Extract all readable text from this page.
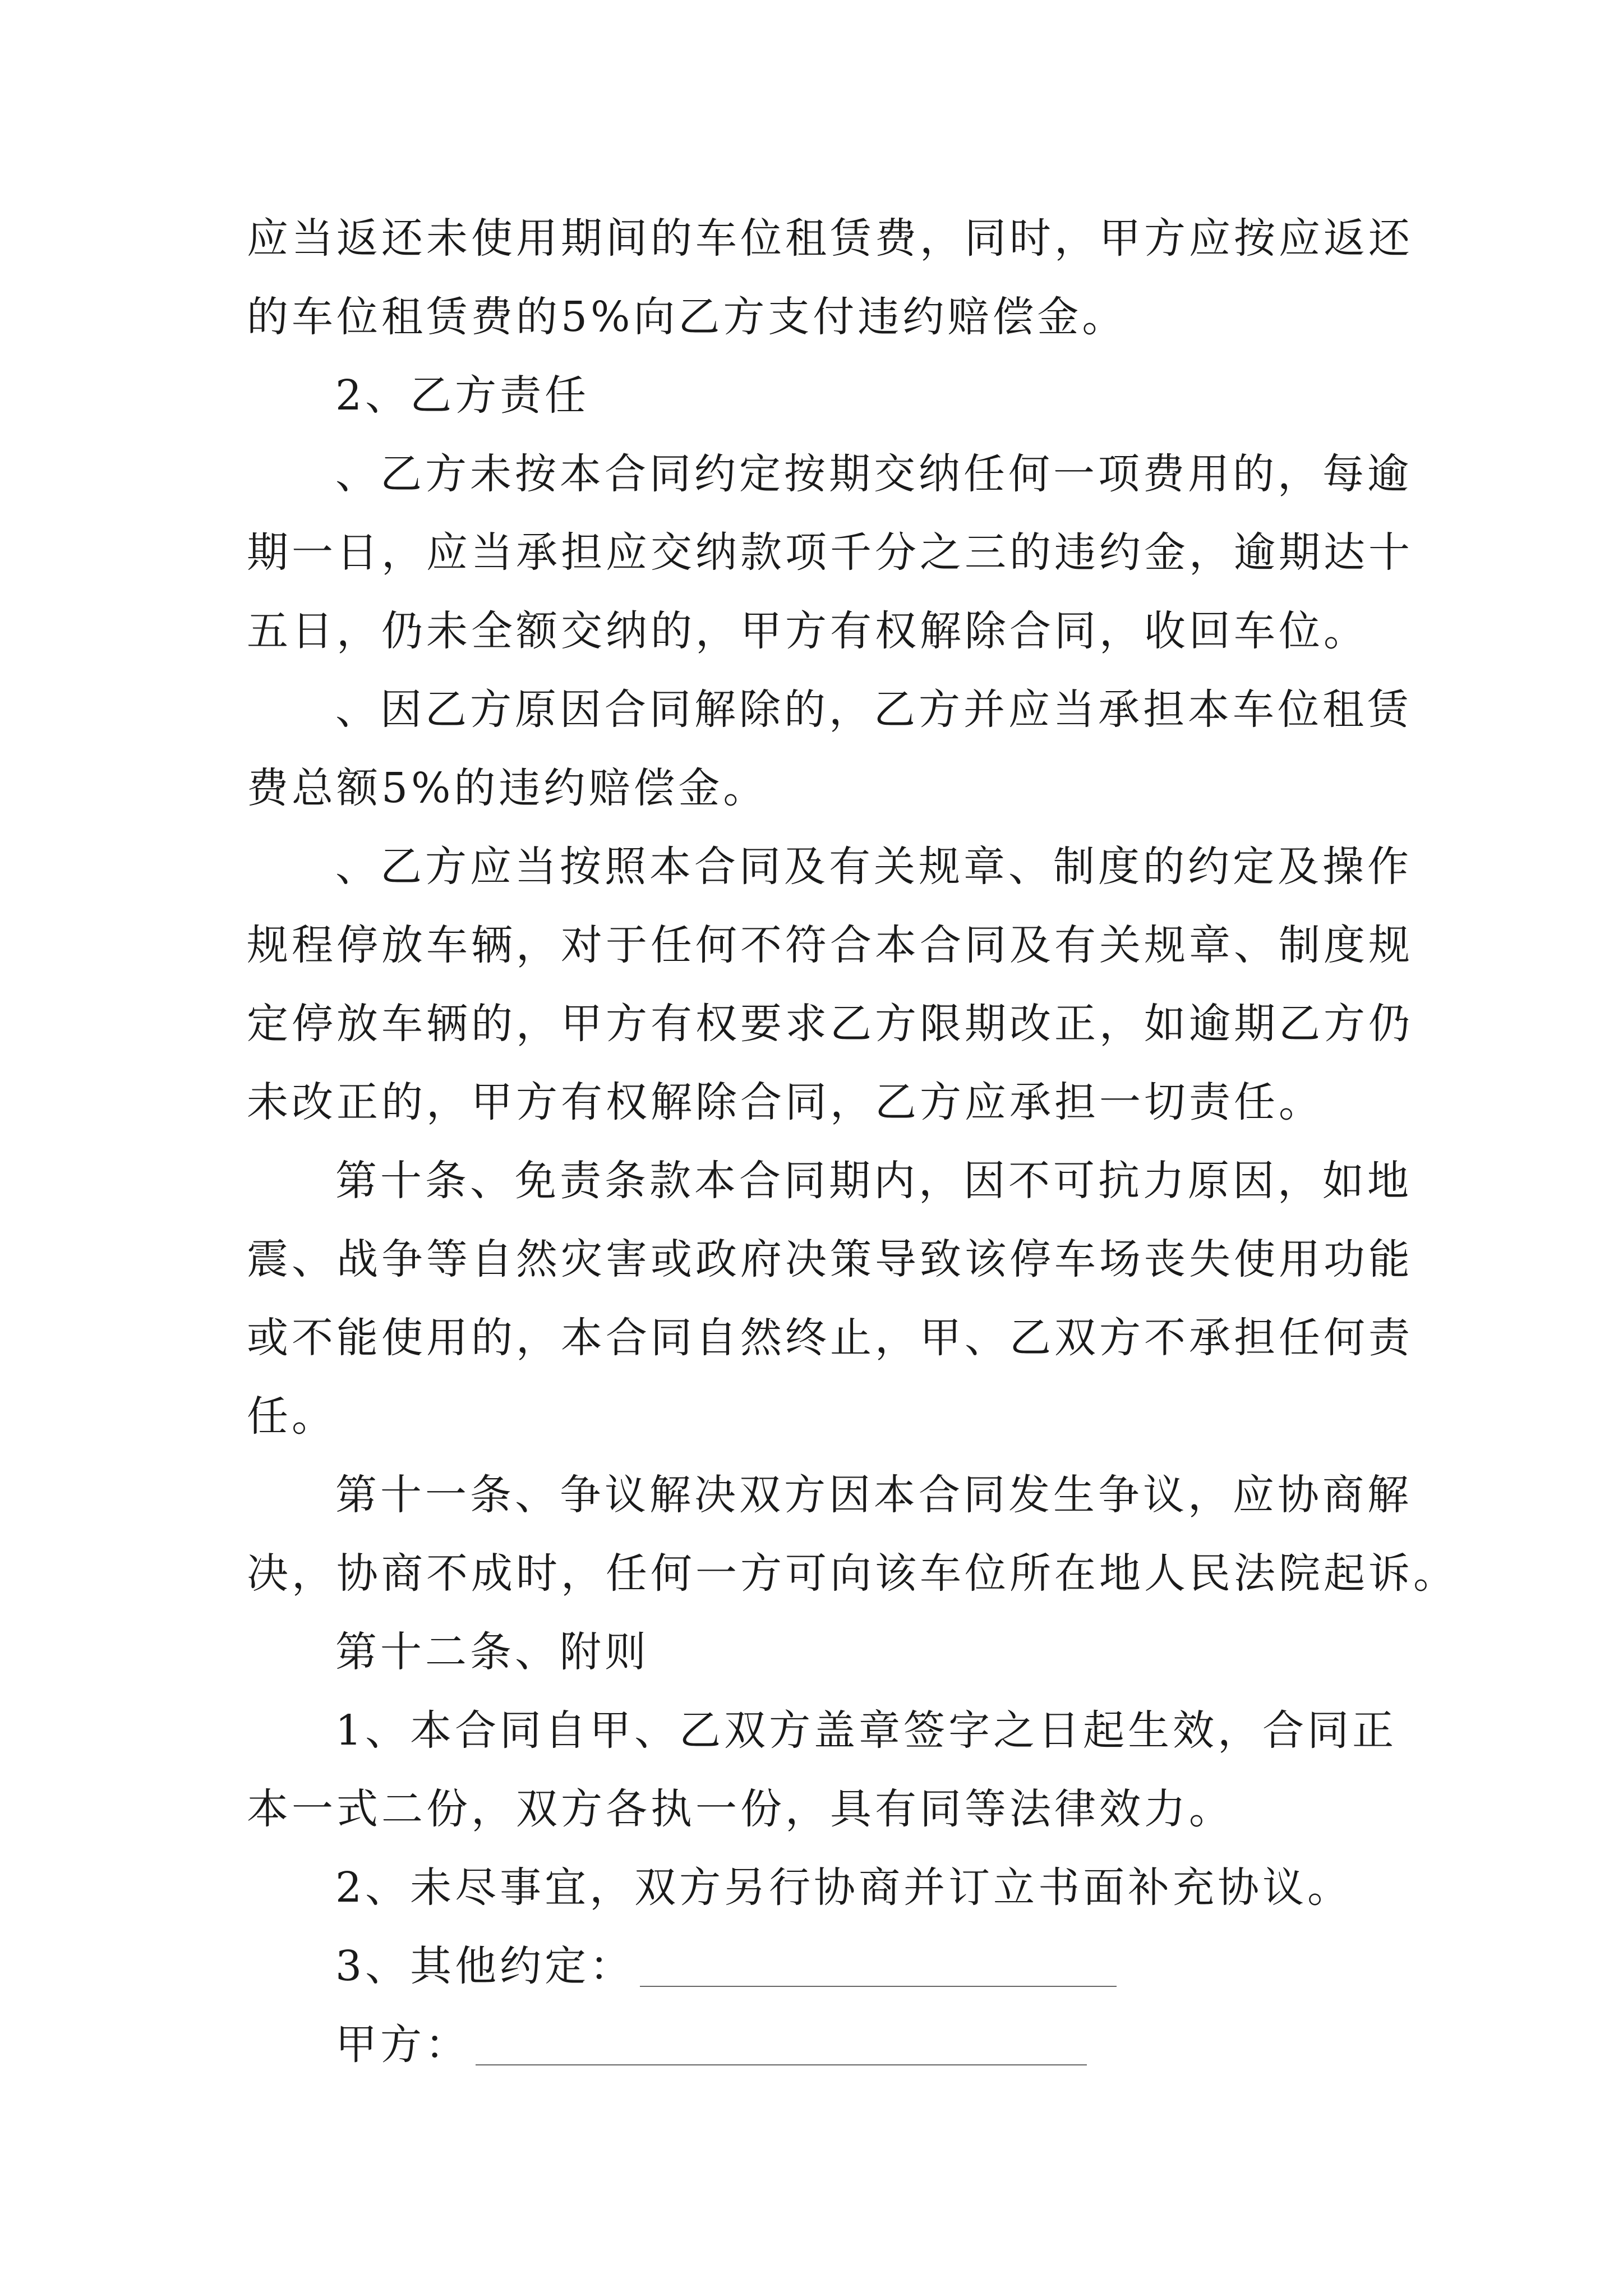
应当返还未使用期间的车位租赁费，同时，甲方应按应返还

的车位租赁费的5%向乙方支付违约赔偿金。

2、乙方责任

、乙方未按本合同约定按期交纳任何一项费用的，每逾

期一日，应当承担应交纳款项千分之三的违约金，逾期达十

五日，仍未全额交纳的，甲方有权解除合同，收回车位。

、因乙方原因合同解除的，乙方并应当承担本车位租赁

费总额5%的违约赔偿金。

、乙方应当按照本合同及有关规章、制度的约定及操作

规程停放车辆，对于任何不符合本合同及有关规章、制度规

定停放车辆的，甲方有权要求乙方限期改正，如逾期乙方仍

未改正的，甲方有权解除合同，乙方应承担一切责任。

第十条、免责条款本合同期内，因不可抗力原因，如地

震、战争等自然灾害或政府决策导致该停车场丧失使用功能

或不能使用的，本合同自然终止，甲、乙双方不承担任何责

任。

第十一条、争议解决双方因本合同发生争议，应协商解

决，协商不成时，任何一方可向该车位所在地人民法院起诉。

第十二条、附则

1、本合同自甲、乙双方盖章签字之日起生效，合同正

本一式二份，双方各执一份，具有同等法律效力。

2、未尽事宜，双方另行协商并订立书面补充协议。

3、其他约定：
甲方：
